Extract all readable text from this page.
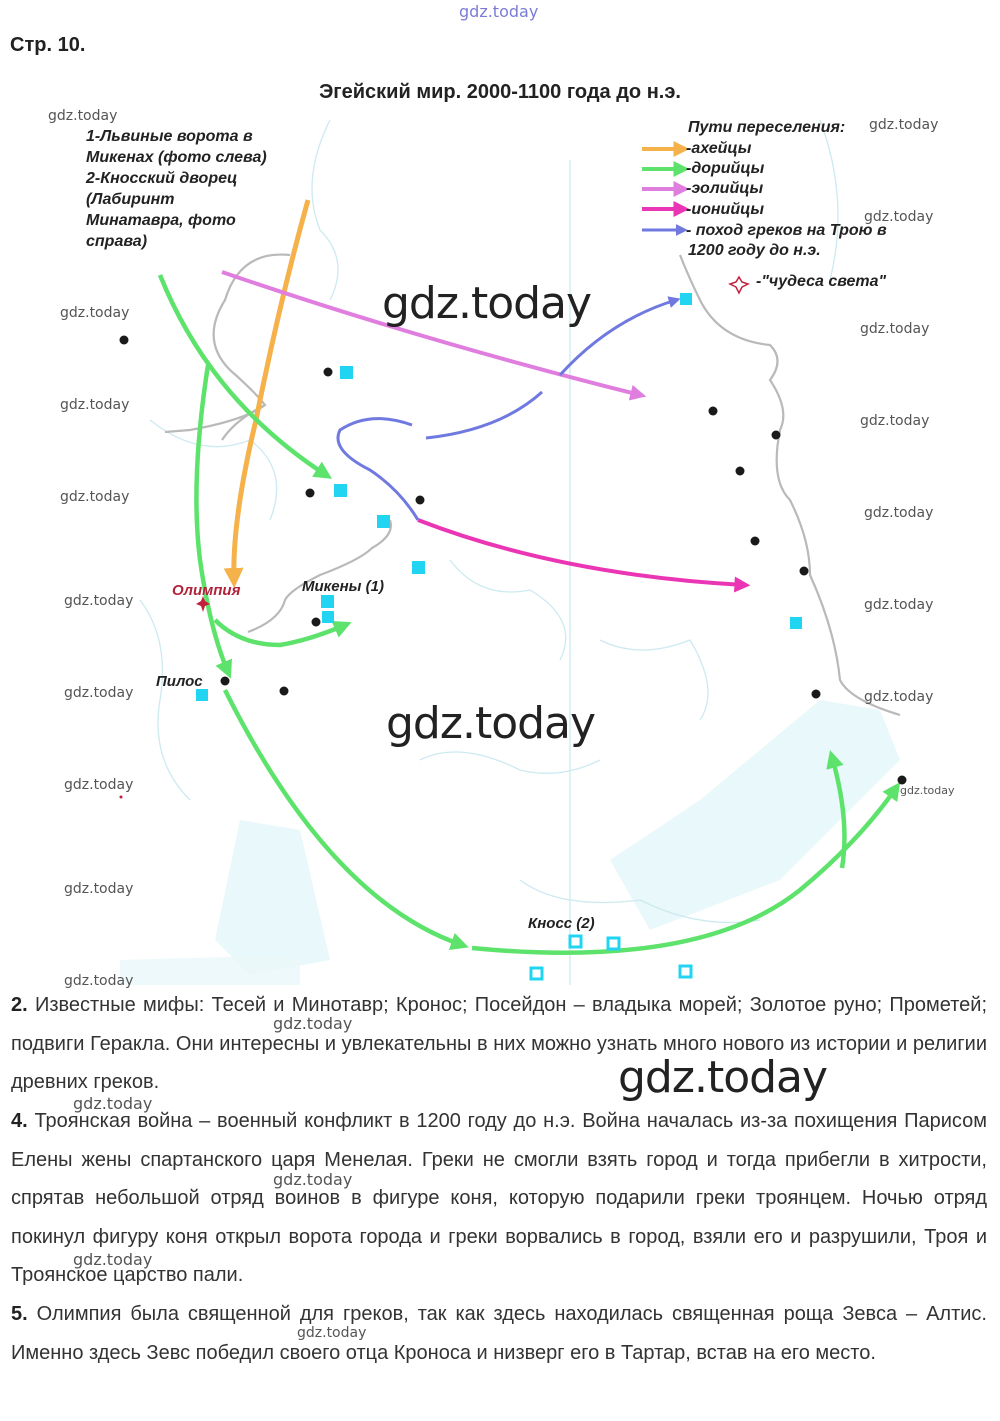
gdz.today
Стр. 10.
Эгейский мир. 2000-1100 года до н.э.
1-Львиные ворота в
Микенах (фото слева)
2-Кносский дворец
(Лабиринт
Минатавра, фото
справа)
Пути переселения:
-ахейцы
-дорийцы
-эолийцы
-ионийцы
- поход греков на Трою в
1200 году до н.э.
-"чудеса света"
Олимпия	Микены (1)
Пилос
Кносс (2)
gdz.today
gdz.today
gdz.today
gdz.today
gdz.today
gdz.today
gdz.today
gdz.today
gdz.today
gdz.today	gdz.today
gdz.today	gdz.today
gdz.today	gdz.today
gdz.today
gdz.today
gdz.today
gdz.today
2. Известные мифы: Тесей и Минотавр; Кронос; Посейдон – владыка морей; Золотое руно; Прометей; подвиги Геракла. Они интересны и увлекательны в них можно узнать много нового из истории и религии древних греков.
4. Троянская война – военный конфликт в 1200 году до н.э. Война началась из-за похищения Парисом Елены жены спартанского царя Менелая. Греки не смогли взять город и тогда прибегли в хитрости, спрятав небольшой отряд воинов в фигуре коня, которую подарили греки троянцем. Ночью отряд покинул фигуру коня открыл ворота города и греки ворвались в город, взяли его и разрушили, Троя и Троянское царство пали.
5. Олимпия была священной для греков, так как здесь находилась священная роща Зевса – Алтис. Именно здесь Зевс победил своего отца Кроноса и низверг его в Тартар, встав на его место.
gdz.today
gdz.today
gdz.today
gdz.today
gdz.today
gdz.today
